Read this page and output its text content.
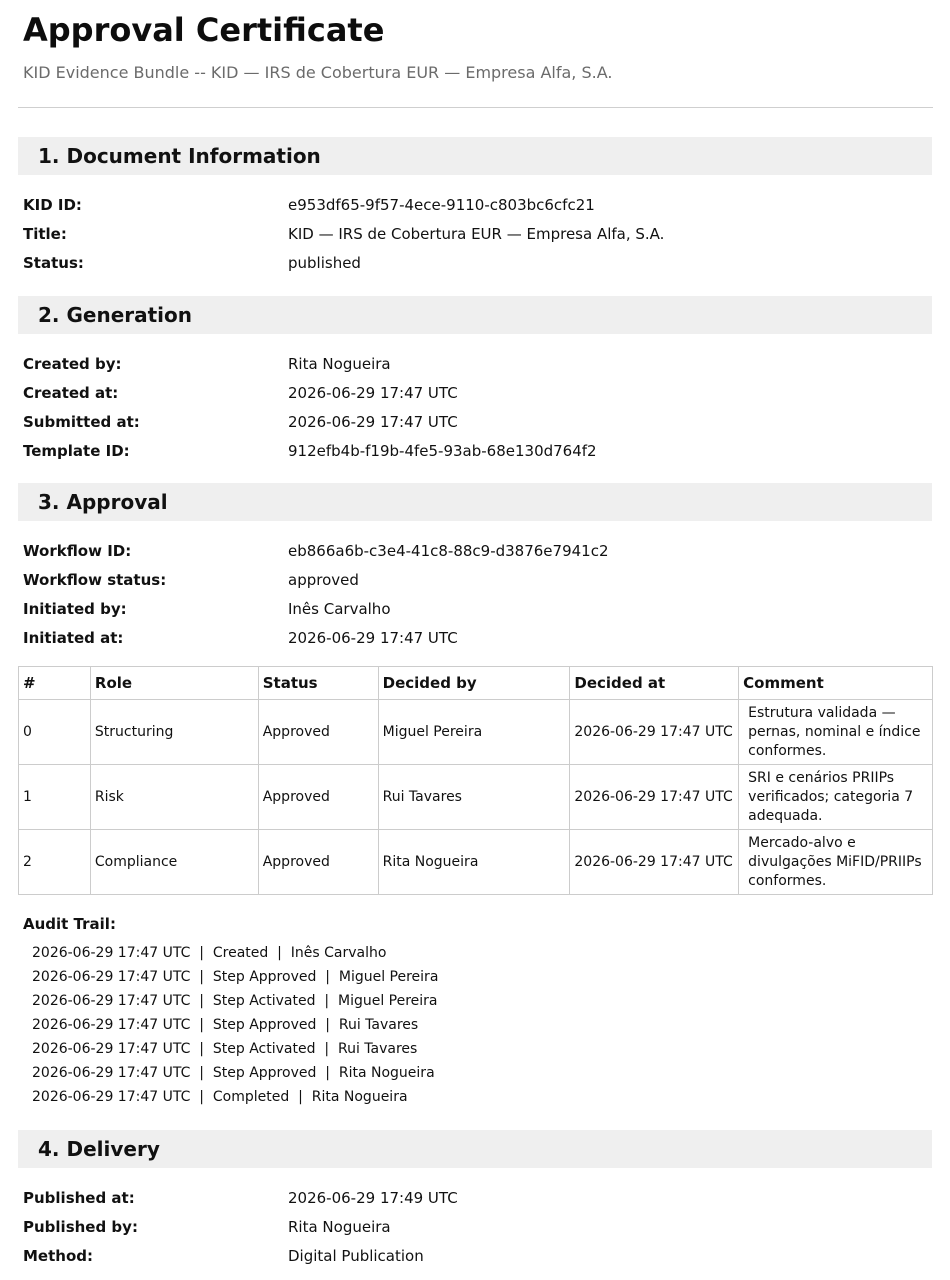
Approval Certificate

KID Evidence Bundle -- KID — IRS de Cobertura EUR — Empresa Alfa, S.A.

1. Document Information
KID ID:	e953df65-9f57-4ece-9110-c803bc6cfc21
Title:	KID — IRS de Cobertura EUR — Empresa Alfa, S.A.
Status:	published
2. Generation
Created by:	Rita Nogueira
Created at:	2026-06-29 17:47 UTC
Submitted at:	2026-06-29 17:47 UTC
Template ID:	912efb4b-f19b-4fe5-93ab-68e130d764f2
3. Approval
Workflow ID:	eb866a6b-c3e4-41c8-88c9-d3876e7941c2
Workflow status:	approved
Initiated by:	Inês Carvalho
Initiated at:	2026-06-29 17:47 UTC
#	Role	Status	Decided by	Decided at	Comment
0	Structuring	Approved	Miguel Pereira	2026-06-29 17:47 UTC	Estrutura validada — pernas, nominal e índice conformes.
1	Risk	Approved	Rui Tavares	2026-06-29 17:47 UTC	SRI e cenários PRIIPs verificados; categoria 7 adequada.
2	Compliance	Approved	Rita Nogueira	2026-06-29 17:47 UTC	Mercado-alvo e divulgações MiFID/PRIIPs conformes.
Audit Trail:
2026-06-29 17:47 UTC  |  Created  |  Inês Carvalho
2026-06-29 17:47 UTC  |  Step Approved  |  Miguel Pereira
2026-06-29 17:47 UTC  |  Step Activated  |  Miguel Pereira
2026-06-29 17:47 UTC  |  Step Approved  |  Rui Tavares
2026-06-29 17:47 UTC  |  Step Activated  |  Rui Tavares
2026-06-29 17:47 UTC  |  Step Approved  |  Rita Nogueira
2026-06-29 17:47 UTC  |  Completed  |  Rita Nogueira
4. Delivery
Published at:	2026-06-29 17:49 UTC
Published by:	Rita Nogueira
Method:	Digital Publication
